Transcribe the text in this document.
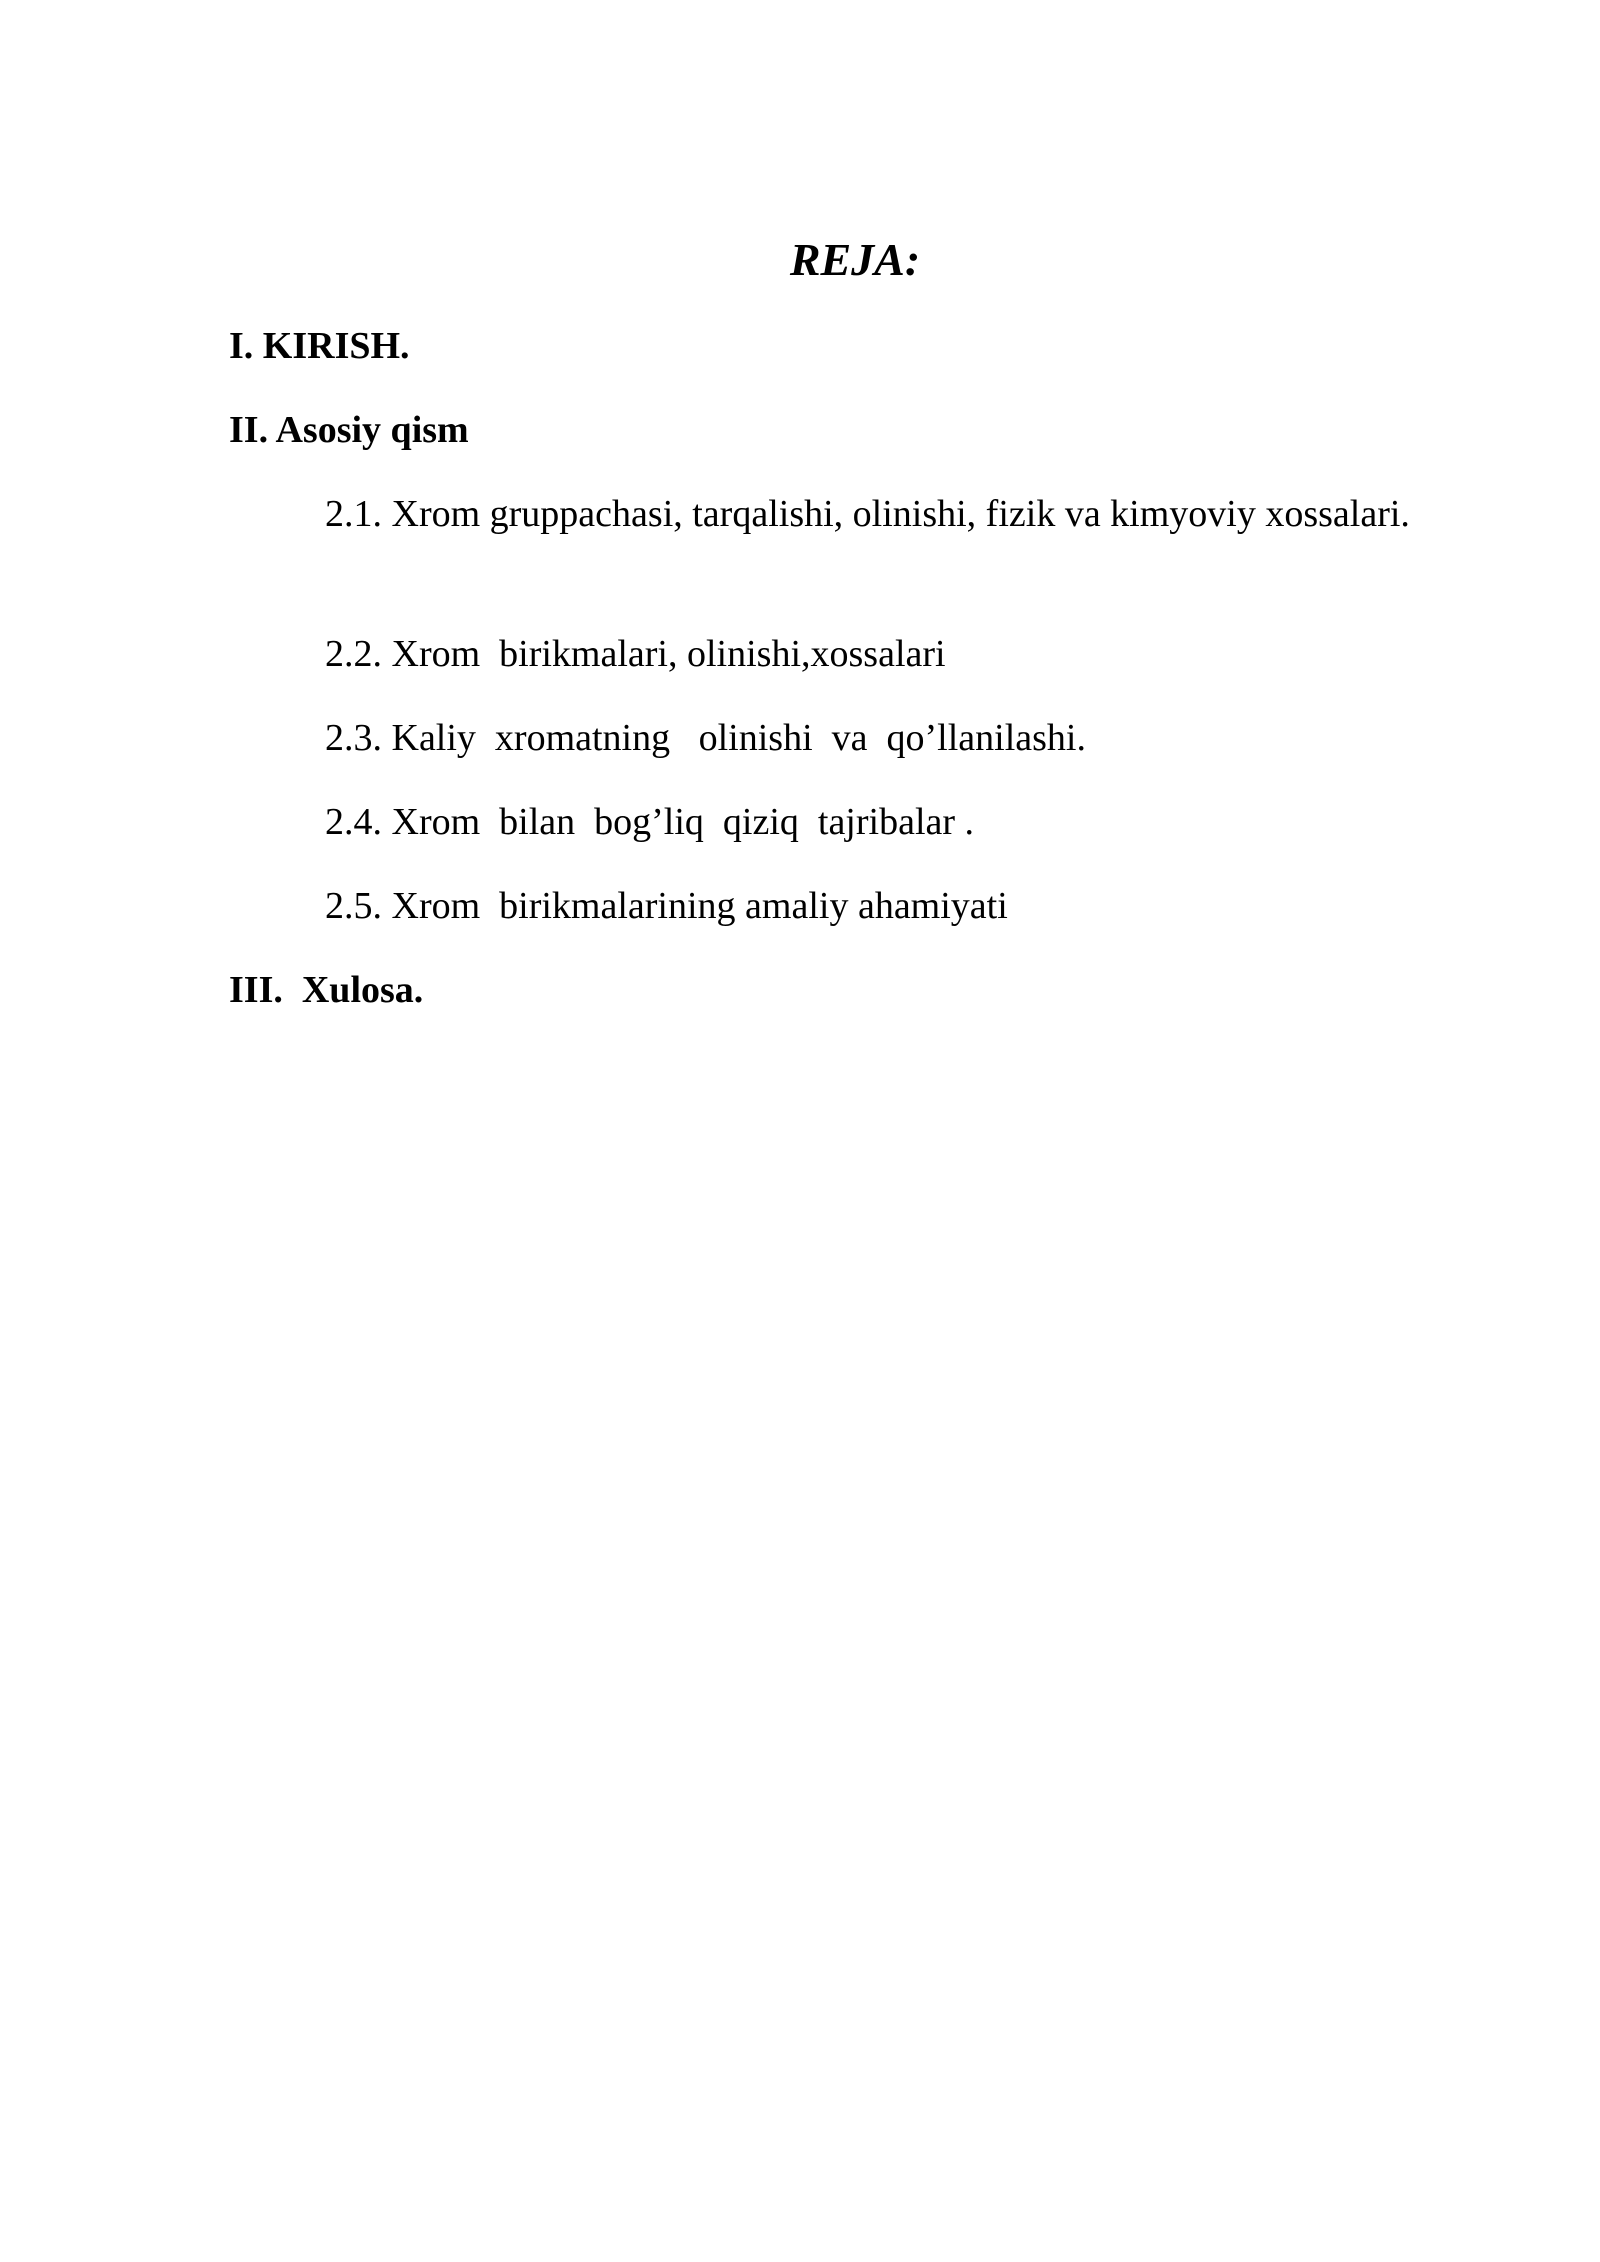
REJA:
I. KIRISH.
II. Asosiy qism
2.1. Xrom gruppachasi, tarqalishi, olinishi, fizik va kimyoviy xossalari.
2.2. Xrom  birikmalari, olinishi,xossalari
2.3. Kaliy  xromatning   olinishi  va  qo’llanilashi.
2.4. Xrom  bilan  bog’liq  qiziq  tajribalar .
2.5. Xrom  birikmalarining amaliy ahamiyati
III.  Xulosa.
